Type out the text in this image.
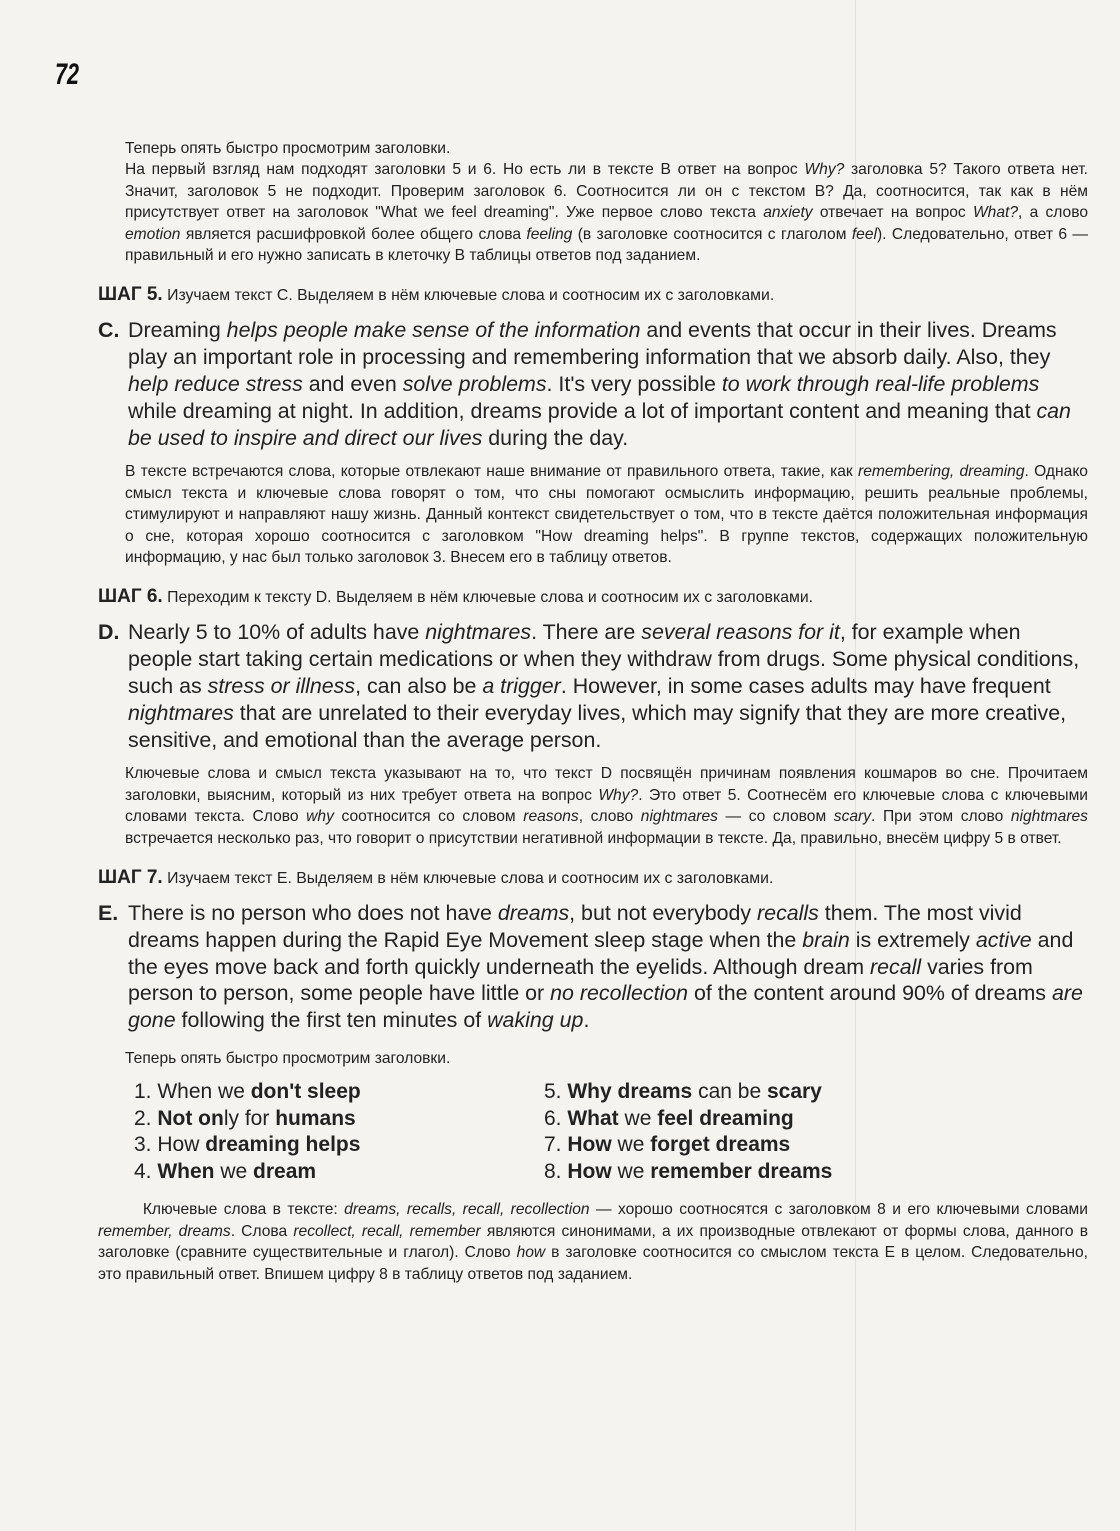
72

Теперь опять быстро просмотрим заголовки.

На первый взгляд нам подходят заголовки 5 и 6. Но есть ли в тексте В ответ на вопрос Why? заголовка 5? Такого ответа нет. Значит, заголовок 5 не подходит. Проверим заголовок 6. Соотносится ли он с текстом В? Да, соотносится, так как в нём присутствует ответ на заголовок "What we feel dreaming". Уже первое слово текста anxiety отвечает на вопрос What?, а слово emotion является расшифровкой более общего слова feeling (в заголовке соотносится с глаголом feel). Следовательно, ответ 6 — правильный и его нужно записать в клеточку В таблицы ответов под заданием.

ШАГ 5. Изучаем текст С. Выделяем в нём ключевые слова и соотносим их с заголовками.

C. Dreaming helps people make sense of the information and events that occur in their lives. Dreams play an important role in processing and remembering information that we absorb daily. Also, they help reduce stress and even solve problems. It's very possible to work through real-life problems while dreaming at night. In addition, dreams provide a lot of important content and meaning that can be used to inspire and direct our lives during the day.

В тексте встречаются слова, которые отвлекают наше внимание от правильного ответа, такие, как remembering, dreaming. Однако смысл текста и ключевые слова говорят о том, что сны помогают осмыслить информацию, решить реальные проблемы, стимулируют и направляют нашу жизнь. Данный контекст свидетельствует о том, что в тексте даётся положительная информация о сне, которая хорошо соотносится с заголовком "How dreaming helps". В группе текстов, содержащих положительную информацию, у нас был только заголовок 3. Внесем его в таблицу ответов.

ШАГ 6. Переходим к тексту D. Выделяем в нём ключевые слова и соотносим их с заголовками.

D. Nearly 5 to 10% of adults have nightmares. There are several reasons for it, for example when people start taking certain medications or when they withdraw from drugs. Some physical conditions, such as stress or illness, can also be a trigger. However, in some cases adults may have frequent nightmares that are unrelated to their everyday lives, which may signify that they are more creative, sensitive, and emotional than the average person.

Ключевые слова и смысл текста указывают на то, что текст D посвящён причинам появления кошмаров во сне. Прочитаем заголовки, выясним, который из них требует ответа на вопрос Why?. Это ответ 5. Соотнесём его ключевые слова с ключевыми словами текста. Слово why соотносится со словом reasons, слово nightmares — со словом scary. При этом слово nightmares встречается несколько раз, что говорит о присутствии негативной информации в тексте. Да, правильно, внесём цифру 5 в ответ.

ШАГ 7. Изучаем текст Е. Выделяем в нём ключевые слова и соотносим их с заголовками.

E. There is no person who does not have dreams, but not everybody recalls them. The most vivid dreams happen during the Rapid Eye Movement sleep stage when the brain is extremely active and the eyes move back and forth quickly underneath the eyelids. Although dream recall varies from person to person, some people have little or no recollection of the content around 90% of dreams are gone following the first ten minutes of waking up.

Теперь опять быстро просмотрим заголовки.

1. When we don't sleep	5. Why dreams can be scary
2. Not only for humans	6. What we feel dreaming
3. How dreaming helps	7. How we forget dreams
4. When we dream	8. How we remember dreams

Ключевые слова в тексте: dreams, recalls, recall, recollection — хорошо соотносятся с заголовком 8 и его ключевыми словами remember, dreams. Слова recollect, recall, remember являются синонимами, а их производные отвлекают от формы слова, данного в заголовке (сравните существительные и глагол). Слово how в заголовке соотносится со смыслом текста Е в целом. Следовательно, это правильный ответ. Впишем цифру 8 в таблицу ответов под заданием.
